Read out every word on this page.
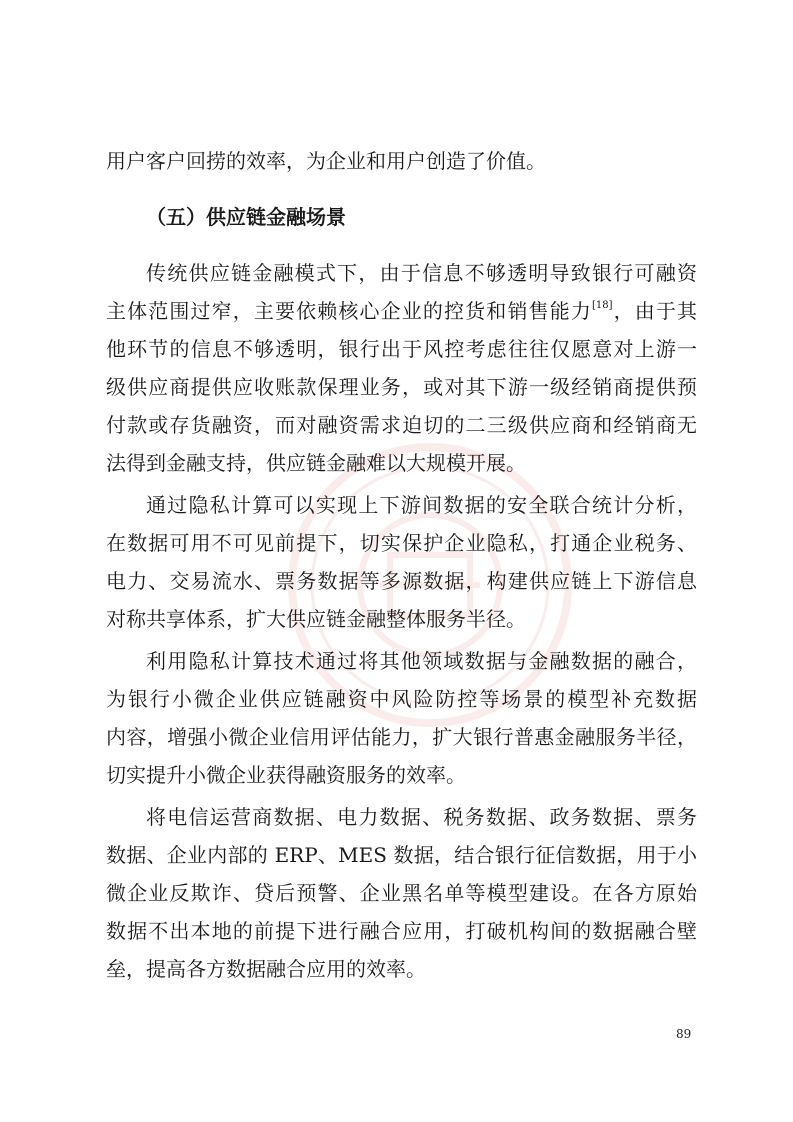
用户客户回捞的效率，为企业和用户创造了价值。
（五）供应链金融场景
传统供应链金融模式下，由于信息不够透明导致银行可融资
主体范围过窄，主要依赖核心企业的控货和销售能力[18]，由于其
他环节的信息不够透明，银行出于风控考虑往往仅愿意对上游一
级供应商提供应收账款保理业务，或对其下游一级经销商提供预
付款或存货融资，而对融资需求迫切的二三级供应商和经销商无
法得到金融支持，供应链金融难以大规模开展。
通过隐私计算可以实现上下游间数据的安全联合统计分析，
在数据可用不可见前提下，切实保护企业隐私，打通企业税务、
电力、交易流水、票务数据等多源数据，构建供应链上下游信息
对称共享体系，扩大供应链金融整体服务半径。
利用隐私计算技术通过将其他领域数据与金融数据的融合，
为银行小微企业供应链融资中风险防控等场景的模型补充数据
内容，增强小微企业信用评估能力，扩大银行普惠金融服务半径，
切实提升小微企业获得融资服务的效率。
将电信运营商数据、电力数据、税务数据、政务数据、票务
数据、企业内部的 ERP、MES 数据，结合银行征信数据，用于小
微企业反欺诈、贷后预警、企业黑名单等模型建设。在各方原始
数据不出本地的前提下进行融合应用，打破机构间的数据融合壁
垒，提高各方数据融合应用的效率。
89
